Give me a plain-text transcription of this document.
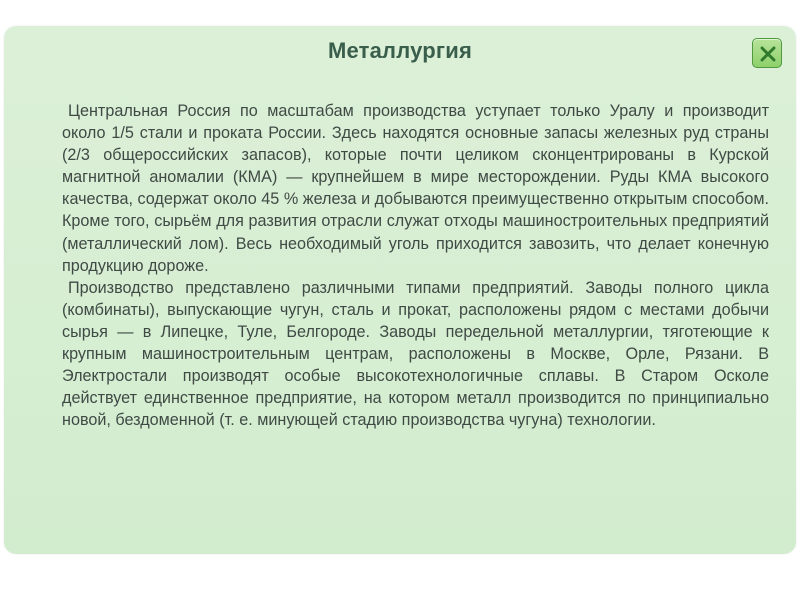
Металлургия

Центральная Россия по масштабам производства уступает только Уралу и производит около 1/5 стали и проката России. Здесь находятся основные запасы железных руд страны (2/3 общероссийских запасов), которые почти целиком сконцентрированы в Курской магнитной аномалии (КМА) — крупнейшем в мире месторождении. Руды КМА высокого качества, содержат около 45 % железа и добываются преимущественно открытым способом. Кроме того, сырьём для развития отрасли служат отходы машиностроительных предприятий (металлический лом). Весь необходимый уголь приходится завозить, что делает конечную продукцию дороже.

Производство представлено различными типами предприятий. Заводы полного цикла (комбинаты), выпускающие чугун, сталь и прокат, расположены рядом с местами добычи сырья — в Липецке, Туле, Белгороде. Заводы передельной металлургии, тяготеющие к крупным машиностроительным центрам, расположены в Москве, Орле, Рязани. В Электростали производят особые высокотехнологичные сплавы. В Старом Осколе действует единственное предприятие, на котором металл производится по принципиально новой, бездоменной (т. е. минующей стадию производства чугуна) технологии.
